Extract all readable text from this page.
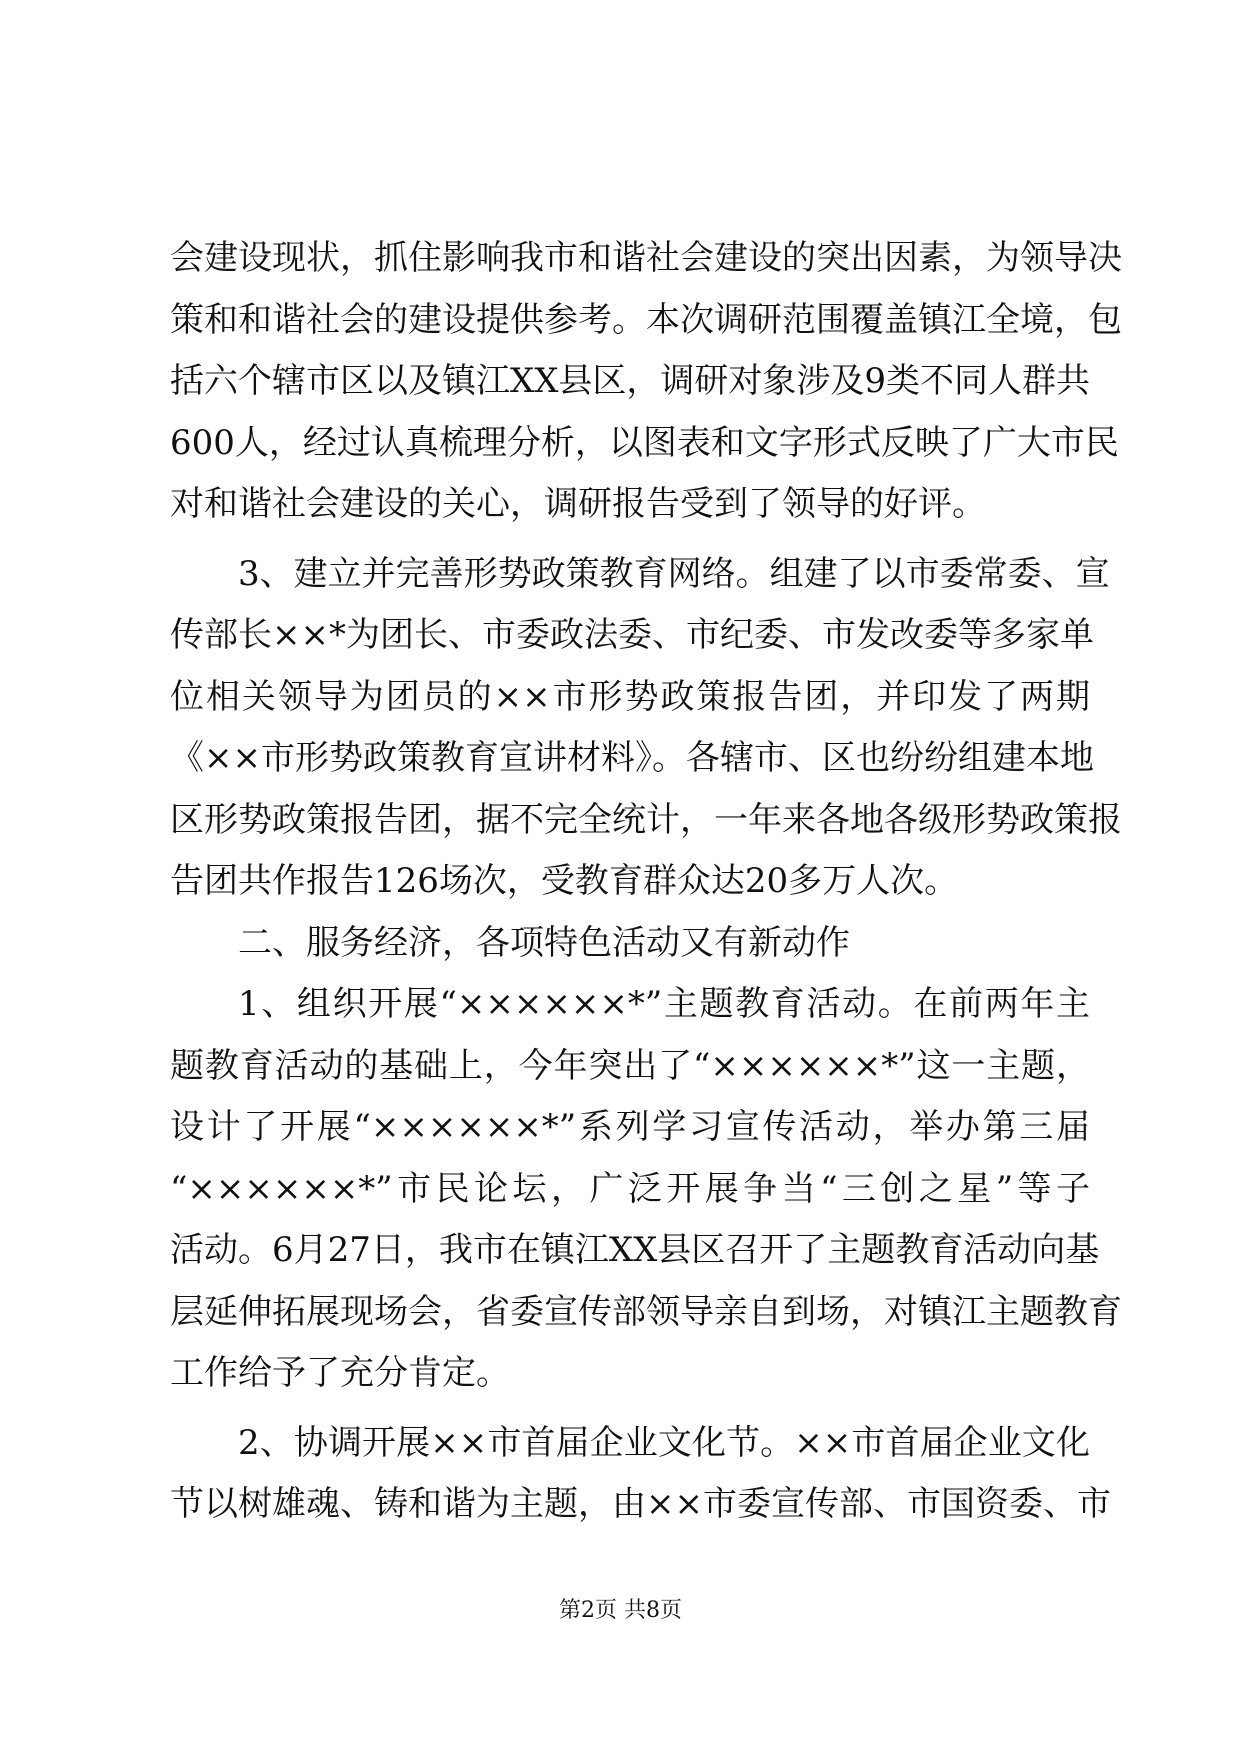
会建设现状，抓住影响我市和谐社会建设的突出因素，为领导决
策和和谐社会的建设提供参考。本次调研范围覆盖镇江全境，包
括六个辖市区以及镇江XX县区，调研对象涉及9类不同人群共
600人，经过认真梳理分析，以图表和文字形式反映了广大市民
对和谐社会建设的关心，调研报告受到了领导的好评。
3、建立并完善形势政策教育网络。组建了以市委常委、宣
传部长××*为团长、市委政法委、市纪委、市发改委等多家单
位相关领导为团员的××市形势政策报告团，并印发了两期
《××市形势政策教育宣讲材料》。各辖市、区也纷纷组建本地
区形势政策报告团，据不完全统计，一年来各地各级形势政策报
告团共作报告126场次，受教育群众达20多万人次。
二、服务经济，各项特色活动又有新动作
1、组织开展“××××××*”主题教育活动。在前两年主
题教育活动的基础上，今年突出了“××××××*”这一主题，
设计了开展“××××××*”系列学习宣传活动，举办第三届
“××××××*”市民论坛，广泛开展争当“三创之星”等子
活动。6月27日，我市在镇江XX县区召开了主题教育活动向基
层延伸拓展现场会，省委宣传部领导亲自到场，对镇江主题教育
工作给予了充分肯定。
2、协调开展××市首届企业文化节。××市首届企业文化
节以树雄魂、铸和谐为主题，由××市委宣传部、市国资委、市
第2页 共8页
